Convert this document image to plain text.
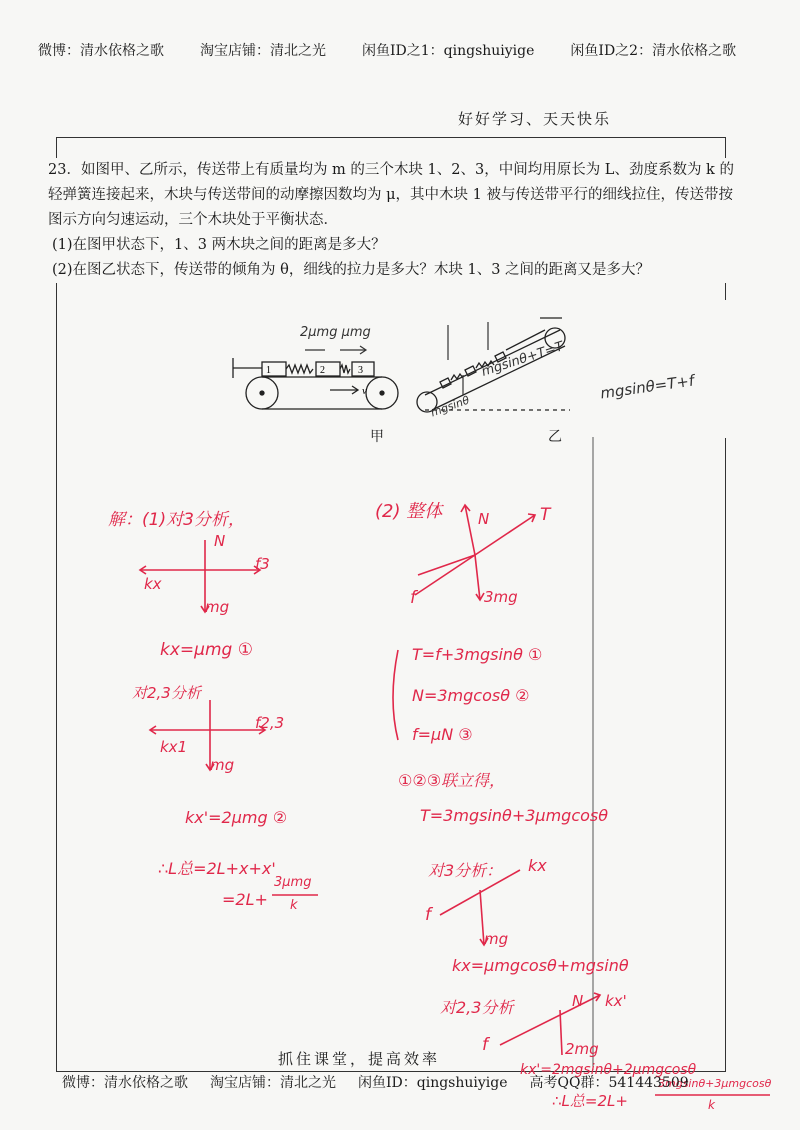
微博：清水依格之歌	淘宝店铺：清北之光	闲鱼ID之1：qingshuiyige	闲鱼ID之2：清水依格之歌
好好学习、天天快乐

23．如图甲、乙所示，传送带上有质量均为 m 的三个木块 1、2、3，中间均用原长为 L、劲度系数为 k 的轻弹簧连接起来，木块与传送带间的动摩擦因数均为 μ，其中木块 1 被与传送带平行的细线拉住，传送带按图示方向匀速运动，三个木块处于平衡状态．

(1)在图甲状态下，1、3 两木块之间的距离是多大？

(2)在图乙状态下，传送带的倾角为 θ，细线的拉力是多大？木块 1、3 之间的距离又是多大？

1	2	3
v
甲	乙
2μmg μmg
mgsinθ+T=T
mgsinθ=T+f
mgsinθ
解：(1)对3分析，
N
kx
f3
mg
kx=μmg ①
对2,3分析
kx1
f2,3
mg
kx'=2μmg ②
∴L总=2L+x+x'
=2L+
3μmg
k
(2) 整体 N	T
f	3mg
T=f+3mgsinθ ①
N=3mgcosθ ②
f=μN ③
①②③联立得，
T=3mgsinθ+3μmgcosθ
对3分析： kx
f
mg
kx=μmgcosθ+mgsinθ
对2,3分析	N kx'
f	2mg
kx'=2mgsinθ+2μmgcosθ
∴L总=2L+
3mgsinθ+3μmgcosθ
k
抓住课堂，提高效率
微博：清水依格之歌 淘宝店铺：清北之光 闲鱼ID：qingshuiyige 高考QQ群：541443509
